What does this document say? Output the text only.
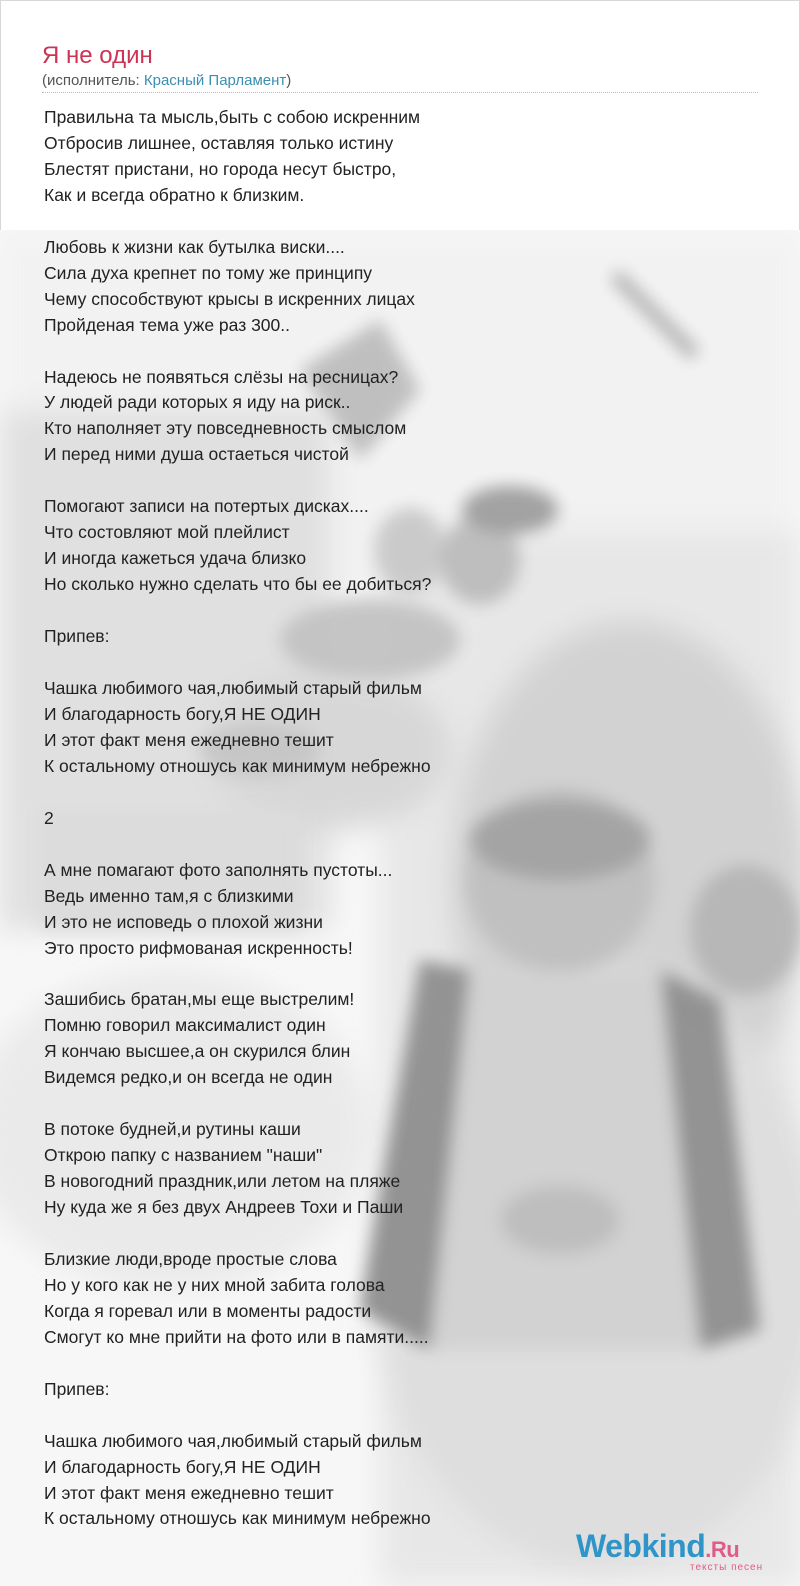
Я не один
(исполнитель: Красный Парламент)
Правильна та мысль,быть с собою искренним
Отбросив лишнее, оставляя только истину
Блестят пристани, но города несут быстро,
Как и всегда обратно к близким.

Любовь к жизни как бутылка виски....
Сила духа крепнет по тому же принципу
Чему способствуют крысы в искренних лицах
Пройденая тема уже раз 300..

Надеюсь не появяться слёзы на ресницах?
У людей ради которых я иду на риск..
Кто наполняет эту повседневность смыслом
И перед ними душа остаеться чистой

Помогают записи на потертых дисках....
Что состовляют мой плейлист
И иногда кажеться удача близко
Но сколько нужно сделать что бы ее добиться?

Припев:

Чашка любимого чая,любимый старый фильм
И благодарность богу,Я НЕ ОДИН
И этот факт меня ежедневно тешит
К остальному отношусь как минимум небрежно

2

А мне помагают фото заполнять пустоты...
Ведь именно там,я с близкими
И это не исповедь о плохой жизни
Это просто рифмованая искренность!

Зашибись братан,мы еще выстрелим!
Помню говорил максималист один
Я кончаю высшее,а он скурился блин
Видемся редко,и он всегда не один

В потоке будней,и рутины каши
Открою папку с названием "наши"
В новогодний праздник,или летом на пляже
Ну куда же я без двух Андреев Тохи и Паши

Близкие люди,вроде простые слова
Но у кого как не у них мной забита голова
Когда я горевал или в моменты радости
Смогут ко мне прийти на фото или в памяти.....

Припев:

Чашка любимого чая,любимый старый фильм
И благодарность богу,Я НЕ ОДИН
И этот факт меня ежедневно тешит
К остальному отношусь как минимум небрежно
Webkind.Ru
тексты песен
